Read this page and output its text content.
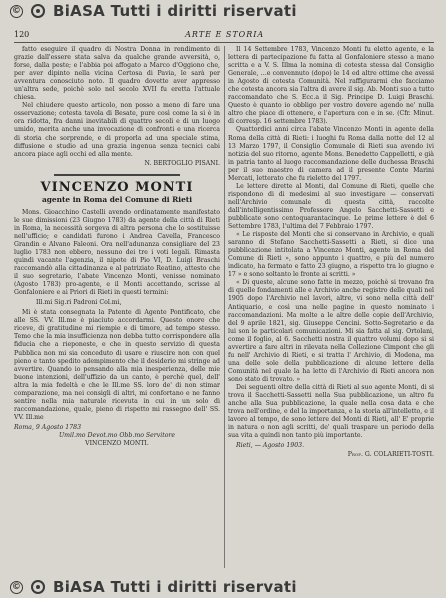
© BiASA Tutti i diritti riservati
120	ARTE E STORIA

fatto eseguire il quadro di Nostra Donna in rendimento di grazie dall'essere stata salva da qualche grande avversità, o, forse, dalla peste; e l'abbia poi affogato a Marco d'Oggiono che, per aver dipinto nella vicina Certosa di Pavia, le sarà per avventura conosciuto noto. Il quadro dovette aver appresso un'altra sede, poichè solo nel secolo XVII fu eretta l'attuale chiesa.

Nel chiudere questo articolo, non posso a meno di fare una osservazione; cotesta tavola di Besate, pure così come la si è in ora ridotta, fra danni inevitabili di quattro secoli e di un luogo umido, merita anche una invocazione di confronti e una ricerca di storia che sorprende, e di proporla ad una speciale stima, diffusione e studio ad una grazia ingenua senza tecnici cabi ancora piace agli occhi ed alla mente.

N. BERTOGLIO PISANI.
VINCENZO MONTI
agente in Roma del Comune di Rieti

Mons. Gioacchino Castelli avendo ordinatamente manifestato le sue dimissioni (23 Giugno 1783) da agente della città di Rieti in Roma, la necessità sorgeva di altra persona che lo sostituisse nell'ufficio; e candidati furono i Andrea Cavella, Francesco Grandin e Alvano Faleoni. Ora nell'adunanza consigliare del 23 luglio 1783 non ebbero, nessuno dei tre i voti legali. Rimasta quindi vacante l'agenzia, il nipote di Pio VI, D. Luigi Braschi raccomandò alla cittadinanza e al patriziato Reatino, attesto che il suo segretario, l'abate Vincenzo Monti, venisse nominato (Agosto 1783) pro-agente, e il Monti accettando, scrisse al Gonfaloniere e ai Priori di Rieti in questi termini:

Ill.mi Sig.ri Padroni Col.mi,

Mi è stata consegnata la Patente di Agente Pontificato, che alle SS. VV. Ill.me è piaciuto accordarmi. Questo onore che riceve, di gratitudine mi riempie e di timore, ad tempo stesso. Temo che la mia insufficienza non debba tutto corrispondere alla fiducia che a rieponeste, e che in questo servizio di questa Pubblica non mi sia conceduto di usare e riuscire non con quel pieno e tanto spedito adempimento che il desiderio mi stringe ad avvertire. Quando io pensando alla mia inesperienza, delle mie buone intenzioni, dell'uffizio da un canto, è perchè quel, dell' altra la mia fedeltà e che le Ill.me SS. loro de' di non stimar comparazione, ma nei consigli di altri, mi confortano e ne fanno sentire nella mia naturale ricevuta in cui in un solo di raccomandazione, quale, pieno di rispetto mi rassegno dell' SS. VV. Ill.me

Roma, 9 Agosto 1783

Umil.mo Devot.mo Obb.mo Servitore

VINCENZO MONTI.

Il 14 Settembre 1783, Vincenzo Monti fu eletto agente, e la lettera di partecipazione fu fatta al Gonfaloniere stesso a mano scritta e a V. S. Illma la nomina di cotesta stessa dal Consiglio Generale, ...e convennuto (dopo) le 14 ed altre ottime che avessi in Agosto di cotesta Comunità. Nel raffigurarmi che facciamo che cotesta ancora sia l'altra di avere il sig. Ab. Monti suo a tutto raccomandato che S. Ecc.a il Sig. Principe D. Luigi Braschi. Questo è quanto io obbligo per vostro dovere agendo ne' nulla altro che piace di ottenere, e l'apertura con e in se. (Cfr. Minut. di corresp. 16 settembre 1783).

Quattordici anni circa l'abate Vincenzo Monti in agente della Roma della città di Rieti: i luoghi fu Roma dalla notte del 12 al 13 Marzo 1797, il Consiglio Comunale di Rieti sua avendo ivi notizia del suo ritorno, agente Mons. Benedetto Cappelletti, e già in patria tanto al luogo raccomandazione delle duchessa Braschi per il suo maestro di camera ad il presente Conte Marini Mercati, letterato che fu rieletto del 1797.

Le lettere dirette al Monti, dal Comune di Rieti, quelle che rispondono di di medesimi al suo investigare — conservati nell'Archivio comunale di questa città, raccolte dall'intelligentissimo Professore Angelo Sacchetti-Sassetti e pubblicate sono centoquarantacinque. Le prime lettere è del 6 Settembre 1783, l'ultima del 7 Febbraio 1797.

« Le risposte del Monti che si conservano in Archivio, e quali saranno di Stefano Sacchetti-Sassetti a Rieti, si dice una pubblicazione intitolata a Vincenzo Monti, agente in Roma del Comune di Rieti », sono appunto i quattro, e più del numero indicato, ha fermato e fatto 23 giugno, a rispetto tra lo giugno e 17 » e sono soltanto le fronte ai scritti. »

« Di queste, alcune sono fatte in mezzo, poichè si trovano fra di quelle fondamenti alle e Archivio anche registro delle quali nel 1905 dopo l'Archivio nel lavori, altre, vi sono nella città dell' Antiquario, e così una nelle pagine in questo nominato i raccomandazioni. Ma molte a le altre delle copie dell'Archivio, del 9 aprile 1821, sig. Giuseppe Cencini. Sotto-Segretario e da lui son le particolari comunicazioni. Mi sia fatta al sig. Ortolani, come il foglio, al 6. Sacchetti nostra il quattro volumi dopo si si avvertire a fare altri in rilevata nella Collezione Cimpont che gli fu nell' Archivio di Rieti, e si tratta l' Archivio, di Modena, ma una delle sole della pubblicazione di alcune lettere della Comunità nel quale la ha letto di l'Archivio di Rieti ancora non sono stato di trovato. »

Dei seguenti oltre della città di Rieti al suo agente Monti, di si trova il Sacchetti-Sassetti nella Sua pubblicazione, un altro fu anche alla Sua pubblicazione, la quale nella cosa data e che trova nell'ordine, e del la importanza, e la storia all'intelletto, e il lavoro al tempo, de sono lettere del Monti di Rieti, all' E' proprie in natura o non agli scritti, de' quali traspare un periodo della sua vita a quindi non tanto più importante.

Rieti, — Agosto 1903.

Prof. G. COLARIETI-TOSTI.
© BiASA Tutti i diritti riservati
